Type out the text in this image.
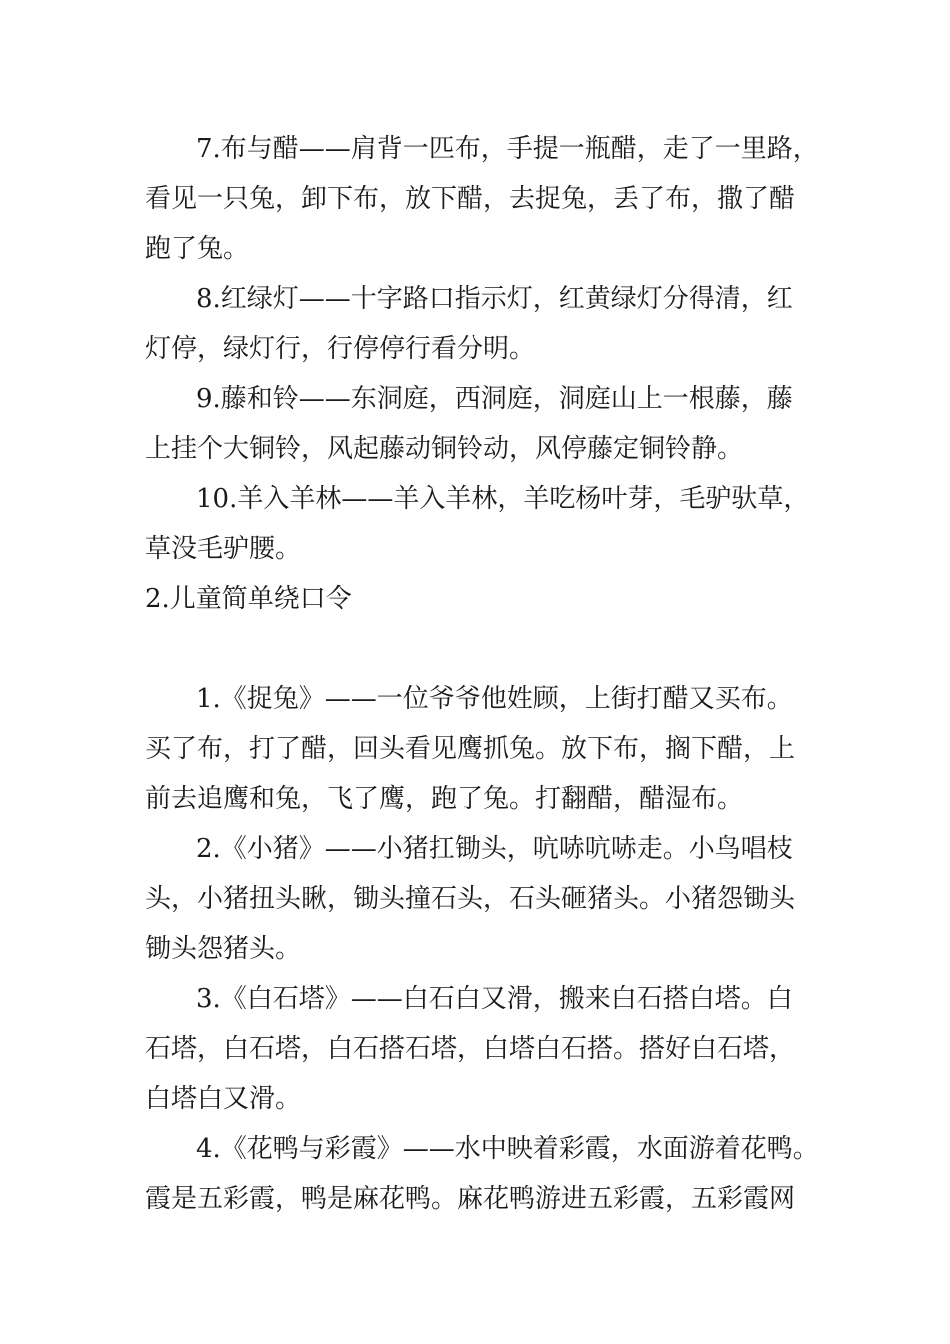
7.布与醋——肩背一匹布，手提一瓶醋，走了一里路，
看见一只兔，卸下布，放下醋，去捉兔，丢了布，撒了醋
跑了兔。
8.红绿灯——十字路口指示灯，红黄绿灯分得清，红
灯停，绿灯行，行停停行看分明。
9.藤和铃——东洞庭，西洞庭，洞庭山上一根藤，藤
上挂个大铜铃，风起藤动铜铃动，风停藤定铜铃静。
10.羊入羊林——羊入羊林，羊吃杨叶芽，毛驴驮草，
草没毛驴腰。
2.儿童简单绕口令
1.《捉兔》——一位爷爷他姓顾，上街打醋又买布。
买了布，打了醋，回头看见鹰抓兔。放下布，搁下醋，上
前去追鹰和兔，飞了鹰，跑了兔。打翻醋，醋湿布。
2.《小猪》——小猪扛锄头，吭哧吭哧走。小鸟唱枝
头，小猪扭头瞅，锄头撞石头，石头砸猪头。小猪怨锄头
锄头怨猪头。
3.《白石塔》——白石白又滑，搬来白石搭白塔。白
石塔，白石塔，白石搭石塔，白塔白石搭。搭好白石塔，
白塔白又滑。
4.《花鸭与彩霞》——水中映着彩霞，水面游着花鸭。
霞是五彩霞，鸭是麻花鸭。麻花鸭游进五彩霞，五彩霞网
